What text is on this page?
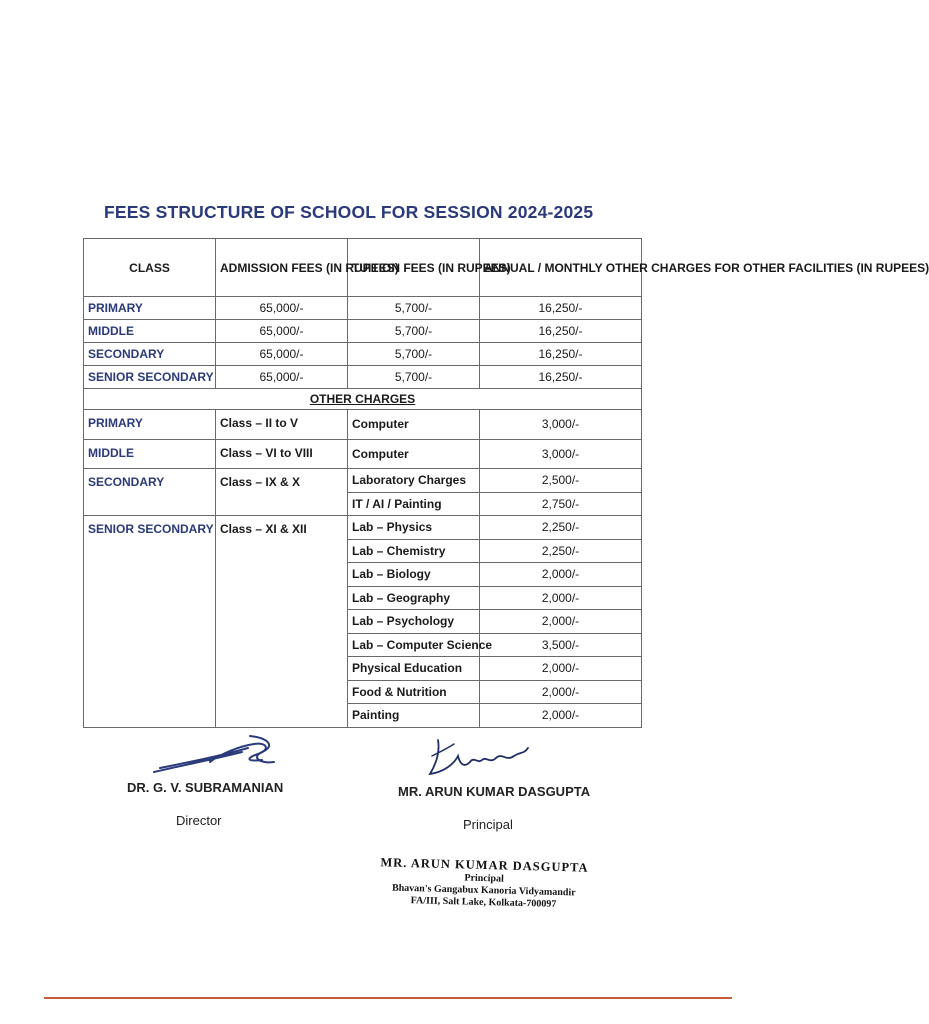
FEES STRUCTURE OF SCHOOL FOR SESSION 2024-2025
CLASS	ADMISSION FEES (IN RUPEES)	TUITION FEES (IN RUPEES)	ANNUAL / MONTHLY OTHER CHARGES FOR OTHER FACILITIES (IN RUPEES)
PRIMARY	65,000/-	5,700/-	16,250/-
MIDDLE	65,000/-	5,700/-	16,250/-
SECONDARY	65,000/-	5,700/-	16,250/-
SENIOR SECONDARY	65,000/-	5,700/-	16,250/-
OTHER CHARGES			
PRIMARY	Class – II to V	Computer	3,000/-
MIDDLE	Class – VI to VIII	Computer	3,000/-
SECONDARY	Class – IX & X	Laboratory Charges	2,500/-
		IT / AI / Painting	2,750/-
SENIOR SECONDARY	Class – XI & XII	Lab – Physics	2,250/-
		Lab – Chemistry	2,250/-
		Lab – Biology	2,000/-
		Lab – Geography	2,000/-
		Lab – Psychology	2,000/-
		Lab – Computer Science	3,500/-
		Physical Education	2,000/-
		Food & Nutrition	2,000/-
		Painting	2,000/-
DR. G. V. SUBRAMANIAN
Director
MR. ARUN KUMAR DASGUPTA
Principal
MR. ARUN KUMAR DASGUPTA
Principal
Bhavan's Gangabux Kanoria Vidyamandir
FA/III, Salt Lake, Kolkata-700097
